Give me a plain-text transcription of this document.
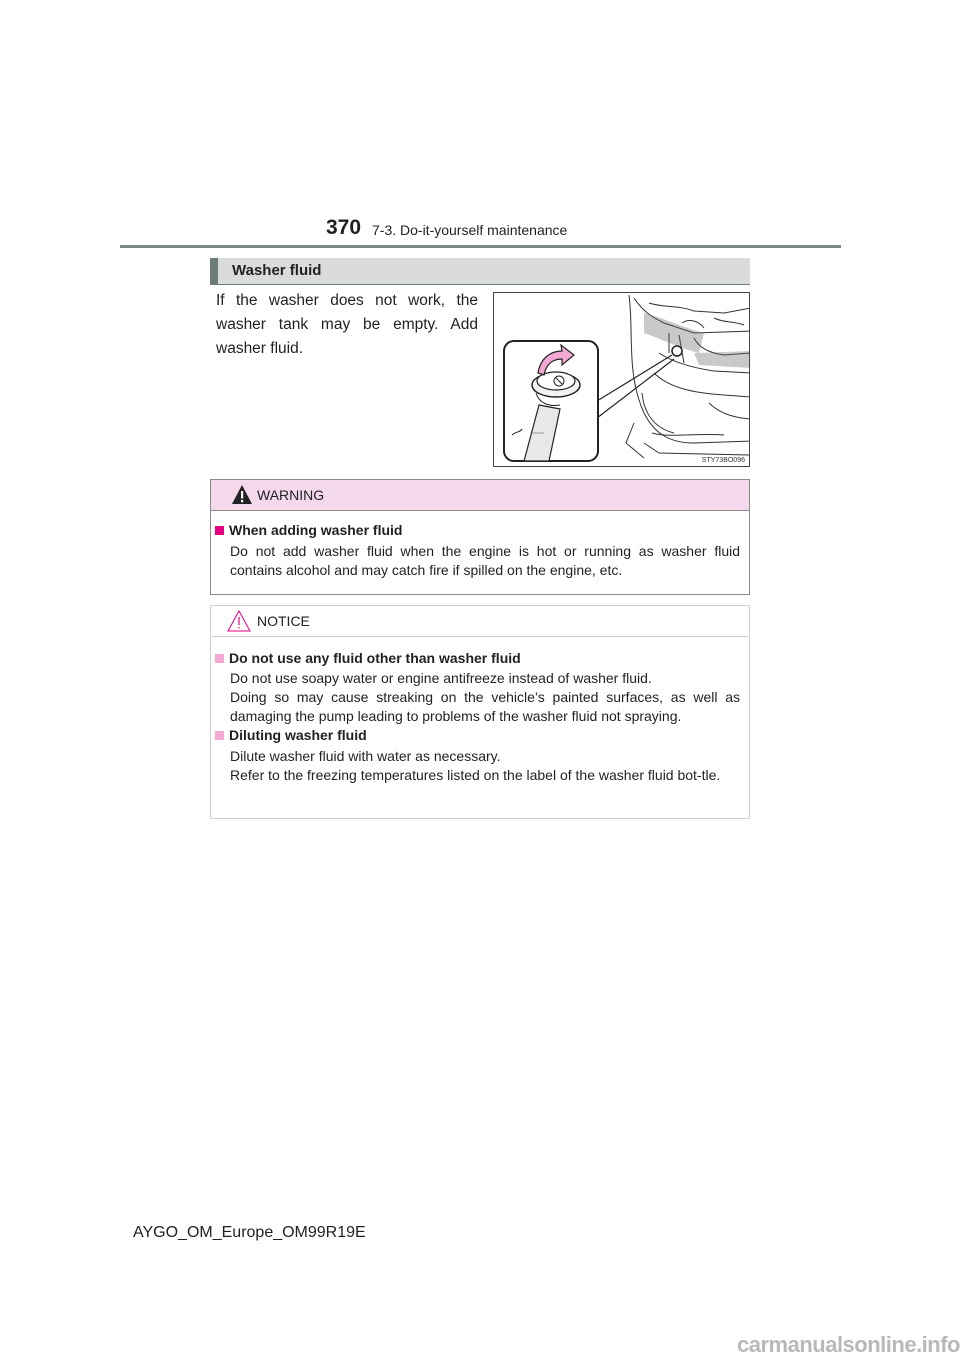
370 7-3. Do-it-yourself maintenance
Washer fluid
If the washer does not work, the washer tank may be empty. Add washer fluid.
STY73BO096
WARNING
When adding washer fluid
Do not add washer fluid when the engine is hot or running as washer fluid contains alcohol and may catch fire if spilled on the engine, etc.
NOTICE
Do not use any fluid other than washer fluid
Do not use soapy water or engine antifreeze instead of washer fluid.
Doing so may cause streaking on the vehicle’s painted surfaces, as well as damaging the pump leading to problems of the washer fluid not spraying.
Diluting washer fluid
Dilute washer fluid with water as necessary.
Refer to the freezing temperatures listed on the label of the washer fluid bot-tle.
AYGO_OM_Europe_OM99R19E
carmanualsonline.info
